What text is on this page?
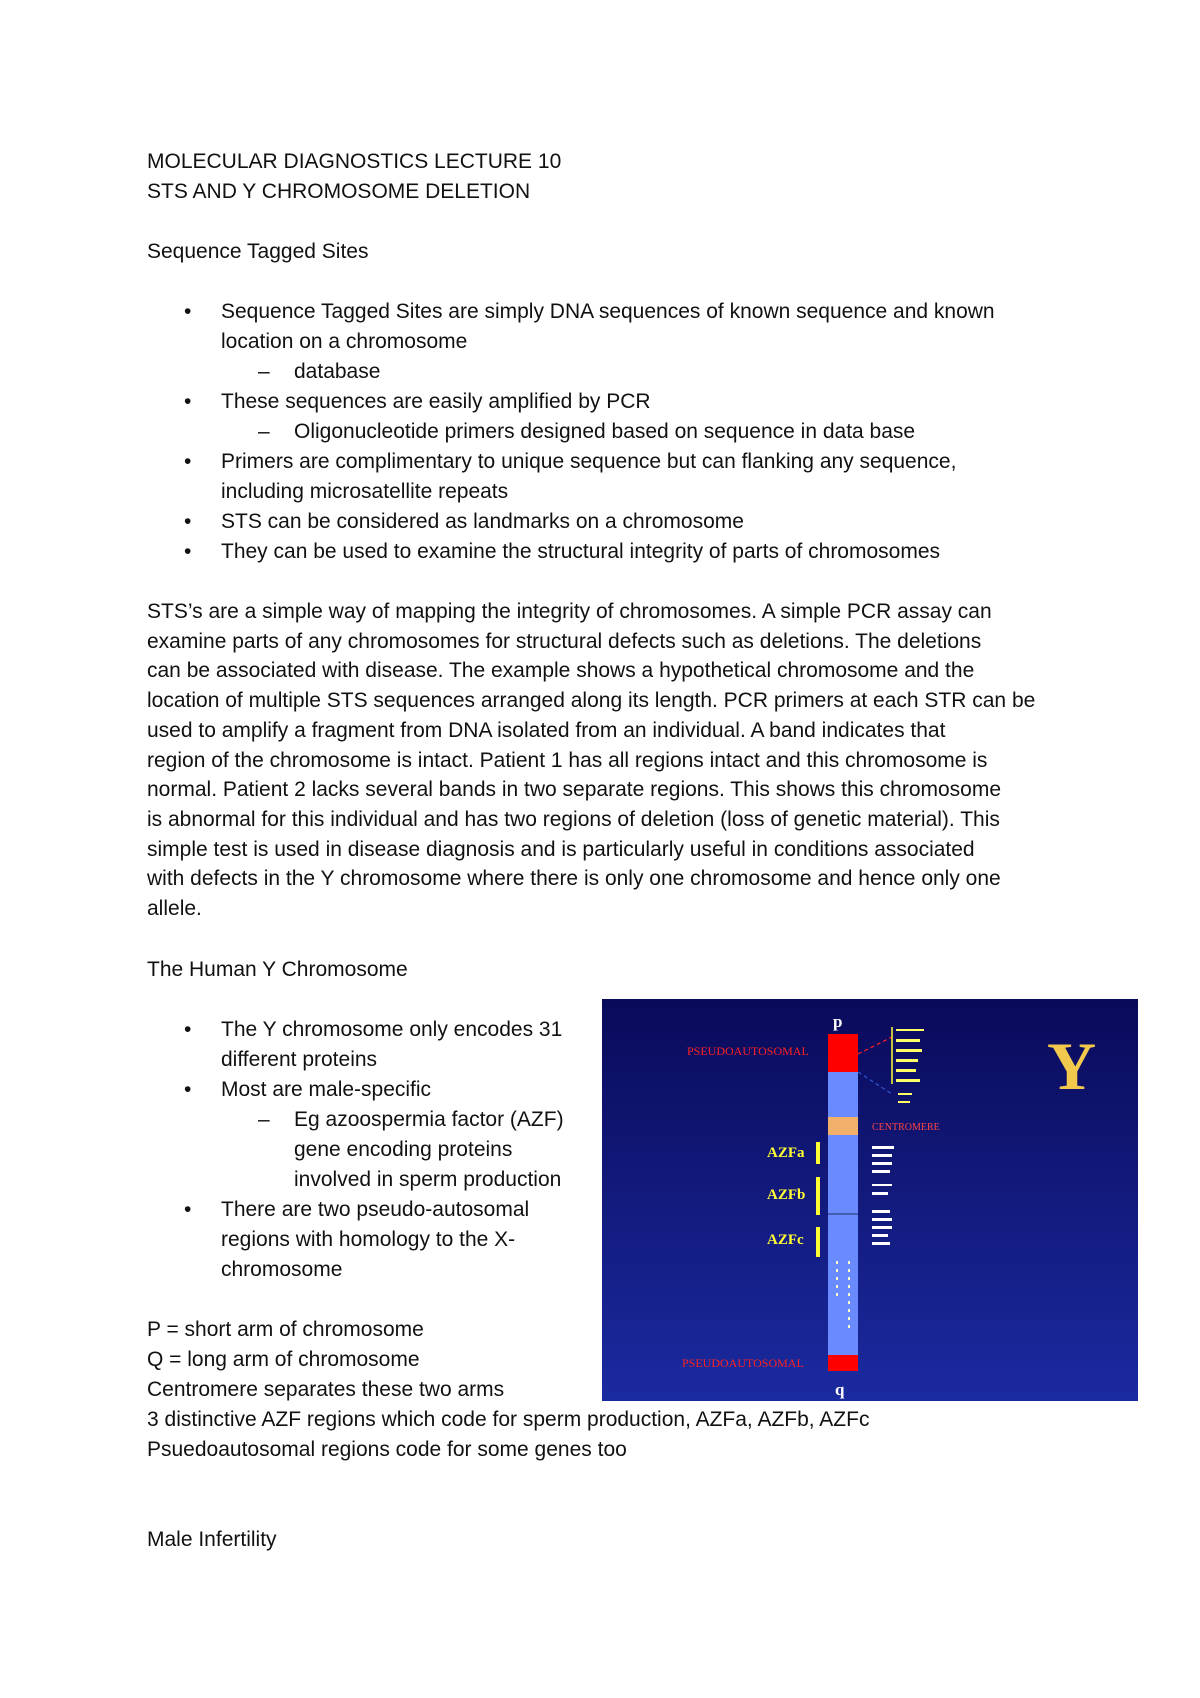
MOLECULAR DIAGNOSTICS LECTURE 10
STS AND Y CHROMOSOME DELETION
Sequence Tagged Sites
• Sequence Tagged Sites are simply DNA sequences of known sequence and known
location on a chromosome
– database
• These sequences are easily amplified by PCR
– Oligonucleotide primers designed based on sequence in data base
• Primers are complimentary to unique sequence but can flanking any sequence,
including microsatellite repeats
• STS can be considered as landmarks on a chromosome
• They can be used to examine the structural integrity of parts of chromosomes
STS’s are a simple way of mapping the integrity of chromosomes. A simple PCR assay can
examine parts of any chromosomes for structural defects such as deletions. The deletions
can be associated with disease. The example shows a hypothetical chromosome and the
location of multiple STS sequences arranged along its length. PCR primers at each STR can be
used to amplify a fragment from DNA isolated from an individual. A band indicates that
region of the chromosome is intact. Patient 1 has all regions intact and this chromosome is
normal. Patient 2 lacks several bands in two separate regions. This shows this chromosome
is abnormal for this individual and has two regions of deletion (loss of genetic material). This
simple test is used in disease diagnosis and is particularly useful in conditions associated
with defects in the Y chromosome where there is only one chromosome and hence only one
allele.
The Human Y Chromosome
• The Y chromosome only encodes 31
different proteins
• Most are male-specific
– Eg azoospermia factor (AZF)
gene encoding proteins
involved in sperm production
• There are two pseudo-autosomal
regions with homology to the X-
chromosome
P = short arm of chromosome
Q = long arm of chromosome
Centromere separates these two arms
3 distinctive AZF regions which code for sperm production, AZFa, AZFb, AZFc
Psuedoautosomal regions code for some genes too
Male Infertility
Y
p
q
PSEUDOAUTOSOMAL
PSEUDOAUTOSOMAL
CENTROMERE
AZFa
AZFb
AZFc
